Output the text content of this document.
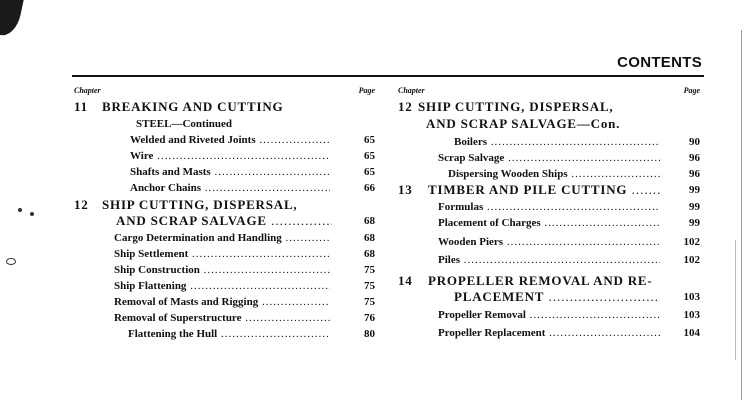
CONTENTS
Chapter	Page
11 BREAKING AND CUTTING
STEEL—Continued
Welded and Riveted Joints .....	65
Wire .....	65
Shafts and Masts .....	65
Anchor Chains .....	66
12 SHIP CUTTING, DISPERSAL,
AND SCRAP SALVAGE .....	68
Cargo Determination and Handling .....	68
Ship Settlement .....	68
Ship Construction .....	75
Ship Flattening .....	75
Removal of Masts and Rigging .....	75
Removal of Superstructure .....	76
Flattening the Hull .....	80
Chapter	Page
12 SHIP CUTTING, DISPERSAL,
AND SCRAP SALVAGE—Con.
Boilers .....	90
Scrap Salvage .....	96
Dispersing Wooden Ships .....	96
13 TIMBER AND PILE CUTTING .....	99
Formulas .....	99
Placement of Charges .....	99
Wooden Piers .....	102
Piles .....	102
14 PROPELLER REMOVAL AND RE-
PLACEMENT .....	103
Propeller Removal .....	103
Propeller Replacement .....	104
